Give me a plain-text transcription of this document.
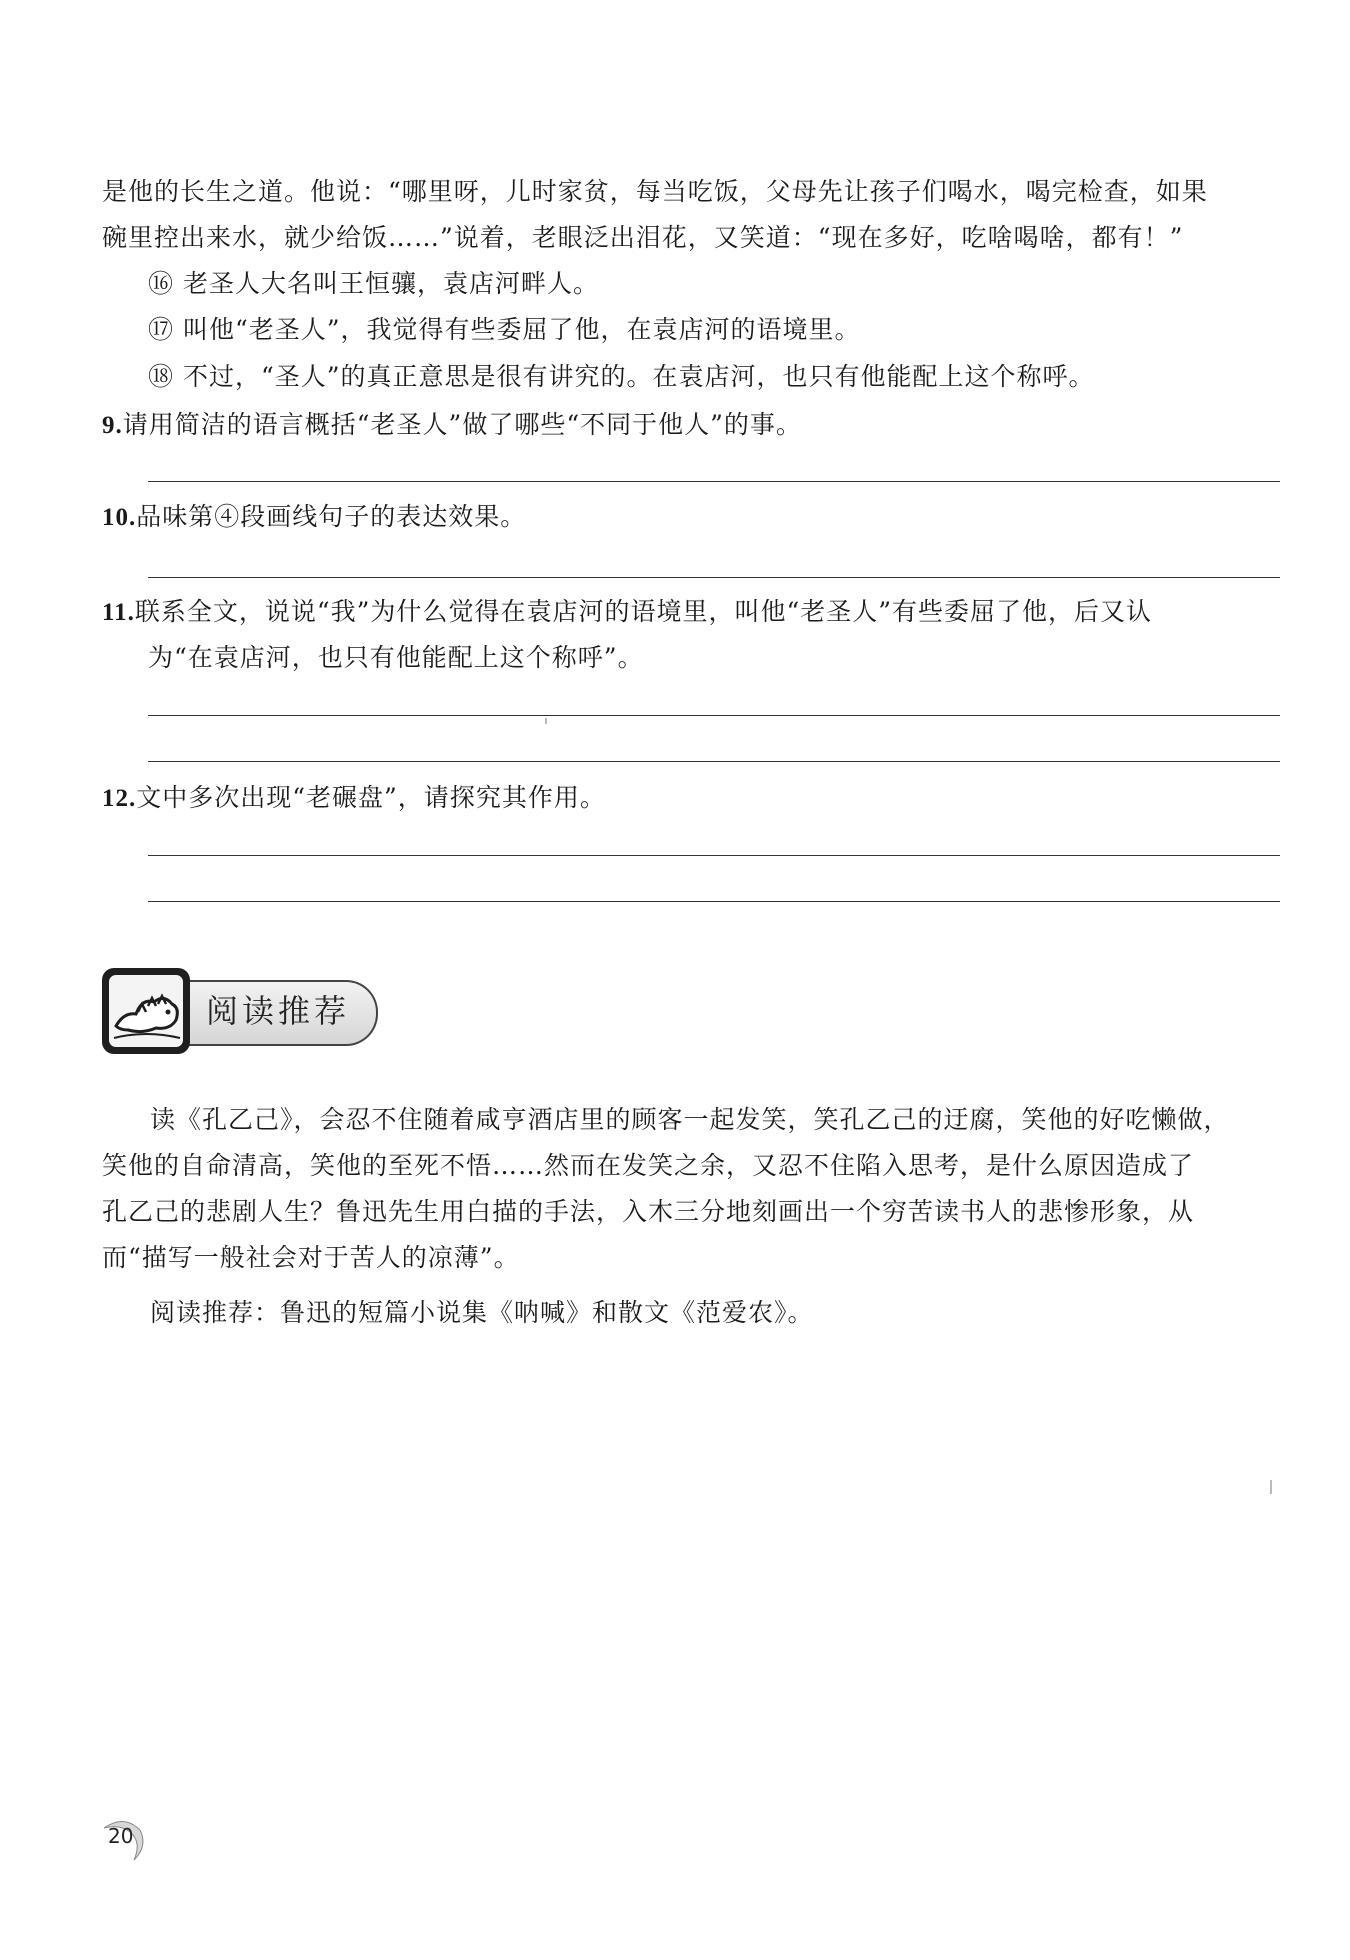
是他的长生之道。他说：“哪里呀，儿时家贫，每当吃饭，父母先让孩子们喝水，喝完检查，如果
碗里控出来水，就少给饭……”说着，老眼泛出泪花，又笑道：“现在多好，吃啥喝啥，都有！”
⑯ 老圣人大名叫王恒骧，袁店河畔人。
⑰ 叫他“老圣人”，我觉得有些委屈了他，在袁店河的语境里。
⑱ 不过，“圣人”的真正意思是很有讲究的。在袁店河，也只有他能配上这个称呼。
9.请用简洁的语言概括“老圣人”做了哪些“不同于他人”的事。
10.品味第④段画线句子的表达效果。
11.联系全文，说说“我”为什么觉得在袁店河的语境里，叫他“老圣人”有些委屈了他，后又认
为“在袁店河，也只有他能配上这个称呼”。
12.文中多次出现“老碾盘”，请探究其作用。
阅读推荐
读《孔乙己》，会忍不住随着咸亨酒店里的顾客一起发笑，笑孔乙己的迂腐，笑他的好吃懒做，
笑他的自命清高，笑他的至死不悟……然而在发笑之余，又忍不住陷入思考，是什么原因造成了
孔乙己的悲剧人生？鲁迅先生用白描的手法，入木三分地刻画出一个穷苦读书人的悲惨形象，从
而“描写一般社会对于苦人的凉薄”。
阅读推荐：鲁迅的短篇小说集《呐喊》和散文《范爱农》。
20
